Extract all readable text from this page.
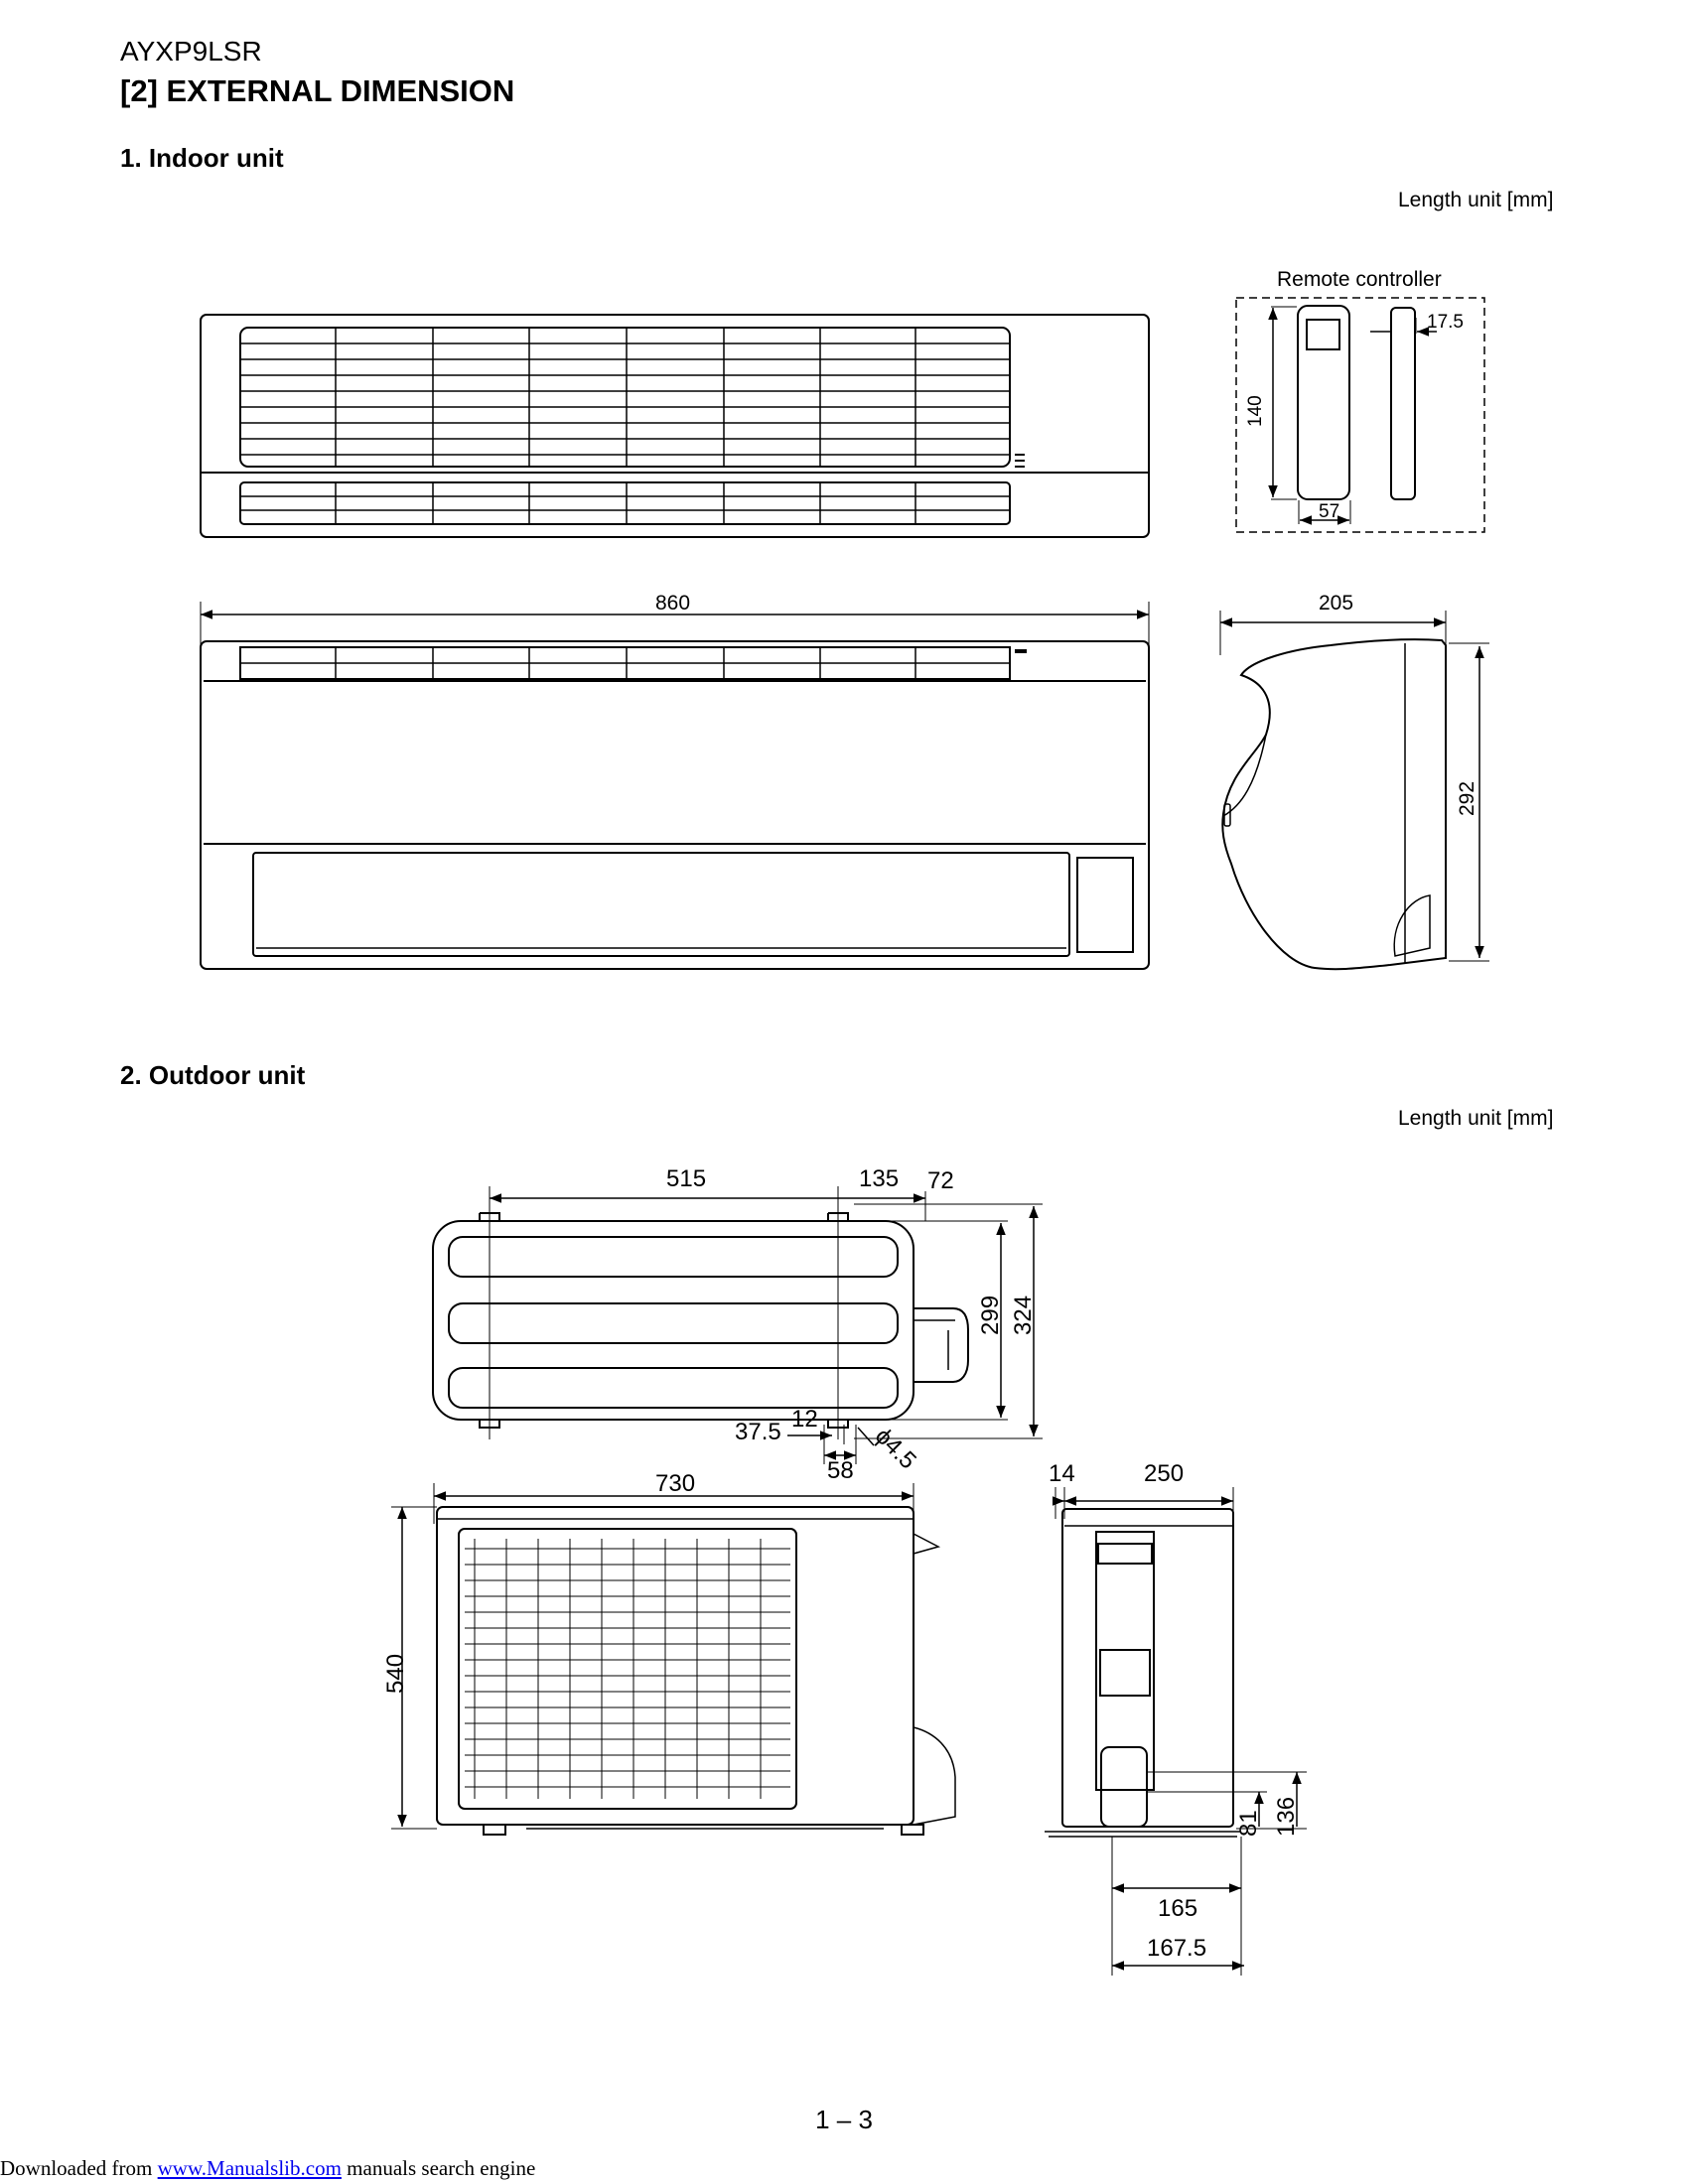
AYXP9LSR
[2] EXTERNAL DIMENSION
1. Indoor unit
Length unit [mm]
2. Outdoor unit
Length unit [mm]
Remote controller
17.5
140
57
860	205
292
515	135 72
299 324
37.5 12
58 ϕ4.5
730
540
14	250
136
81
165
167.5
1 – 3
Downloaded from www.Manualslib.com manuals search engine
